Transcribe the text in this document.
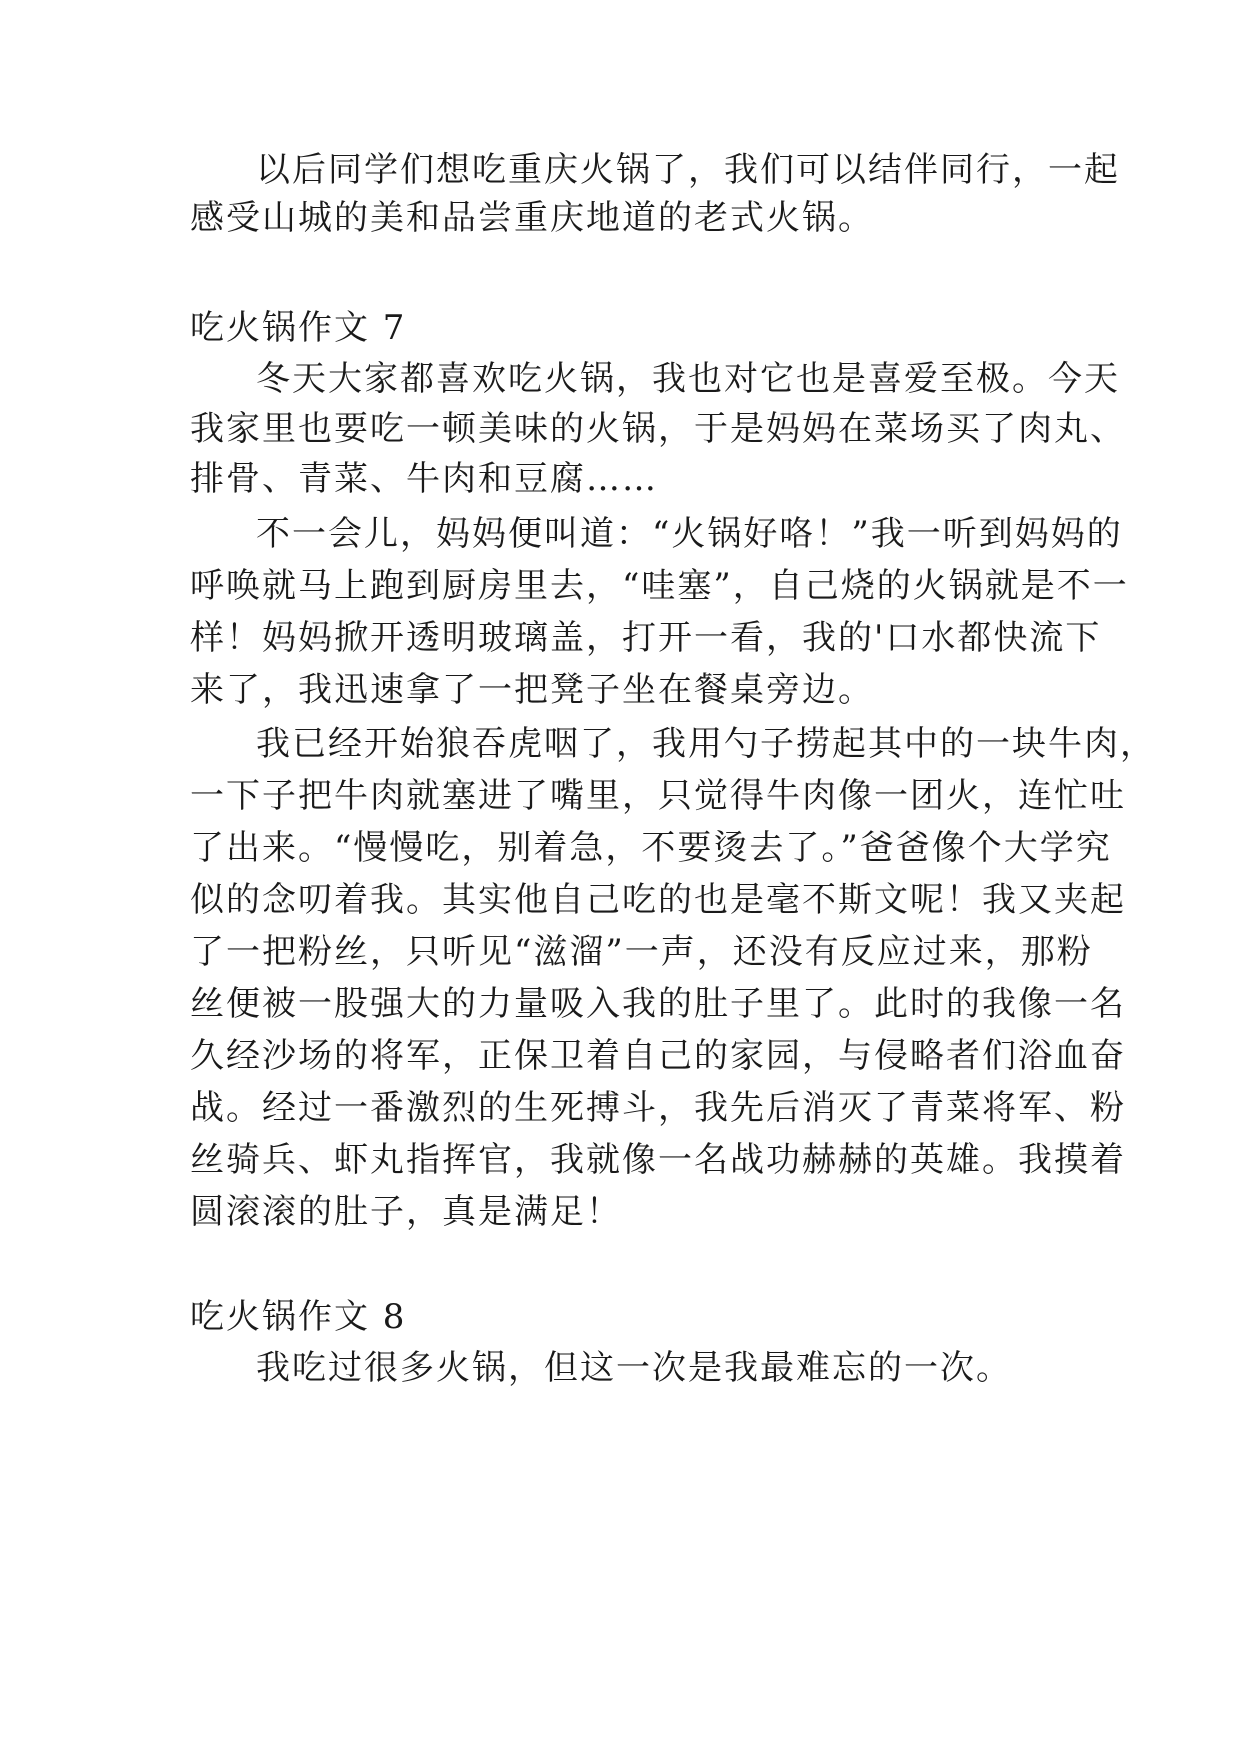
以后同学们想吃重庆火锅了，我们可以结伴同行，一起
感受山城的美和品尝重庆地道的老式火锅。
吃火锅作文 7
冬天大家都喜欢吃火锅，我也对它也是喜爱至极。今天
我家里也要吃一顿美味的火锅，于是妈妈在菜场买了肉丸、
排骨、青菜、牛肉和豆腐……
不一会儿，妈妈便叫道：“火锅好咯！”我一听到妈妈的
呼唤就马上跑到厨房里去，“哇塞”，自己烧的火锅就是不一
样！妈妈掀开透明玻璃盖，打开一看，我的'口水都快流下
来了，我迅速拿了一把凳子坐在餐桌旁边。
我已经开始狼吞虎咽了，我用勺子捞起其中的一块牛肉，
一下子把牛肉就塞进了嘴里，只觉得牛肉像一团火，连忙吐
了出来。“慢慢吃，别着急，不要烫去了。”爸爸像个大学究
似的念叨着我。其实他自己吃的也是毫不斯文呢！我又夹起
了一把粉丝，只听见“滋溜”一声，还没有反应过来，那粉
丝便被一股强大的力量吸入我的肚子里了。此时的我像一名
久经沙场的将军，正保卫着自己的家园，与侵略者们浴血奋
战。经过一番激烈的生死搏斗，我先后消灭了青菜将军、粉
丝骑兵、虾丸指挥官，我就像一名战功赫赫的英雄。我摸着
圆滚滚的肚子，真是满足！
吃火锅作文 8
我吃过很多火锅，但这一次是我最难忘的一次。
